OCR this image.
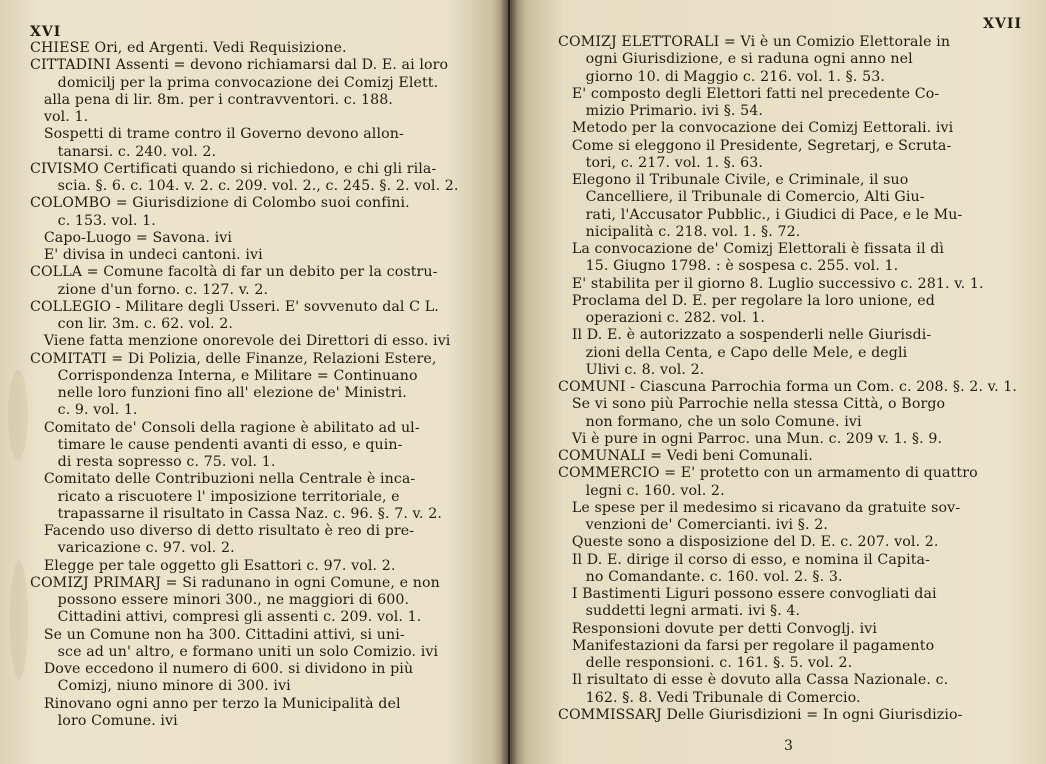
XVI

CHIESE Ori, ed Argenti. Vedi Requisizione.

CITTADINI Assenti = devono richiamarsi dal D. E. ai loro

domicilj per la prima convocazione dei Comizj Elett.

alla pena di lir. 8m. per i contravventori. c. 188.

vol. 1.

Sospetti di trame contro il Governo devono allon-

tanarsi. c. 240. vol. 2.

CIVISMO Certificati quando si richiedono, e chi gli rila-

scia. §. 6. c. 104. v. 2. c. 209. vol. 2., c. 245. §. 2. vol. 2.

COLOMBO = Giurisdizione di Colombo suoi confini.

c. 153. vol. 1.

Capo-Luogo = Savona. ivi

E' divisa in undeci cantoni. ivi

COLLA = Comune facoltà di far un debito per la costru-

zione d'un forno. c. 127. v. 2.

COLLEGIO - Militare degli Usseri. E' sovvenuto dal C L.

con lir. 3m. c. 62. vol. 2.

Viene fatta menzione onorevole dei Direttori di esso. ivi

COMITATI = Di Polizia, delle Finanze, Relazioni Estere,

Corrispondenza Interna, e Militare = Continuano

nelle loro funzioni fino all' elezione de' Ministri.

c. 9. vol. 1.

Comitato de' Consoli della ragione è abilitato ad ul-

timare le cause pendenti avanti di esso, e quin-

di resta sopresso c. 75. vol. 1.

Comitato delle Contribuzioni nella Centrale è inca-

ricato a riscuotere l' imposizione territoriale, e

trapassarne il risultato in Cassa Naz. c. 96. §. 7. v. 2.

Facendo uso diverso di detto risultato è reo di pre-

varicazione c. 97. vol. 2.

Elegge per tale oggetto gli Esattori c. 97. vol. 2.

COMIZJ PRIMARJ = Si radunano in ogni Comune, e non

possono essere minori 300., ne maggiori di 600.

Cittadini attivi, compresi gli assenti c. 209. vol. 1.

Se un Comune non ha 300. Cittadini attivi, si uni-

sce ad un' altro, e formano uniti un solo Comizio. ivi

Dove eccedono il numero di 600. si dividono in più

Comizj, niuno minore di 300. ivi

Rinovano ogni anno per terzo la Municipalità del

loro Comune. ivi

XVII

COMIZJ ELETTORALI = Vi è un Comizio Elettorale in

ogni Giurisdizione, e si raduna ogni anno nel

giorno 10. di Maggio c. 216. vol. 1. §. 53.

E' composto degli Elettori fatti nel precedente Co-

mizio Primario. ivi §. 54.

Metodo per la convocazione dei Comizj Eettorali. ivi

Come si eleggono il Presidente, Segretarj, e Scruta-

tori, c. 217. vol. 1. §. 63.

Elegono il Tribunale Civile, e Criminale, il suo

Cancelliere, il Tribunale di Comercio, Alti Giu-

rati, l'Accusator Pubblic., i Giudici di Pace, e le Mu-

nicipalità c. 218. vol. 1. §. 72.

La convocazione de' Comizj Elettorali è fissata il dì

15. Giugno 1798. : è sospesa c. 255. vol. 1.

E' stabilita per il giorno 8. Luglio successivo c. 281. v. 1.

Proclama del D. E. per regolare la loro unione, ed

operazioni c. 282. vol. 1.

Il D. E. è autorizzato a sospenderli nelle Giurisdi-

zioni della Centa, e Capo delle Mele, e degli

Ulivi c. 8. vol. 2.

COMUNI - Ciascuna Parrochia forma un Com. c. 208. §. 2. v. 1.

Se vi sono più Parrochie nella stessa Città, o Borgo

non formano, che un solo Comune. ivi

Vi è pure in ogni Parroc. una Mun. c. 209 v. 1. §. 9.

COMUNALI = Vedi beni Comunali.

COMMERCIO = E' protetto con un armamento di quattro

legni c. 160. vol. 2.

Le spese per il medesimo si ricavano da gratuite sov-

venzioni de' Comercianti. ivi §. 2.

Queste sono a disposizione del D. E. c. 207. vol. 2.

Il D. E. dirige il corso di esso, e nomina il Capita-

no Comandante. c. 160. vol. 2. §. 3.

I Bastimenti Liguri possono essere convogliati dai

suddetti legni armati. ivi §. 4.

Responsioni dovute per detti Convoglj. ivi

Manifestazioni da farsi per regolare il pagamento

delle responsioni. c. 161. §. 5. vol. 2.

Il risultato di esse è dovuto alla Cassa Nazionale. c.

162. §. 8. Vedi Tribunale di Comercio.

COMMISSARJ Delle Giurisdizioni = In ogni Giurisdizio-

3
